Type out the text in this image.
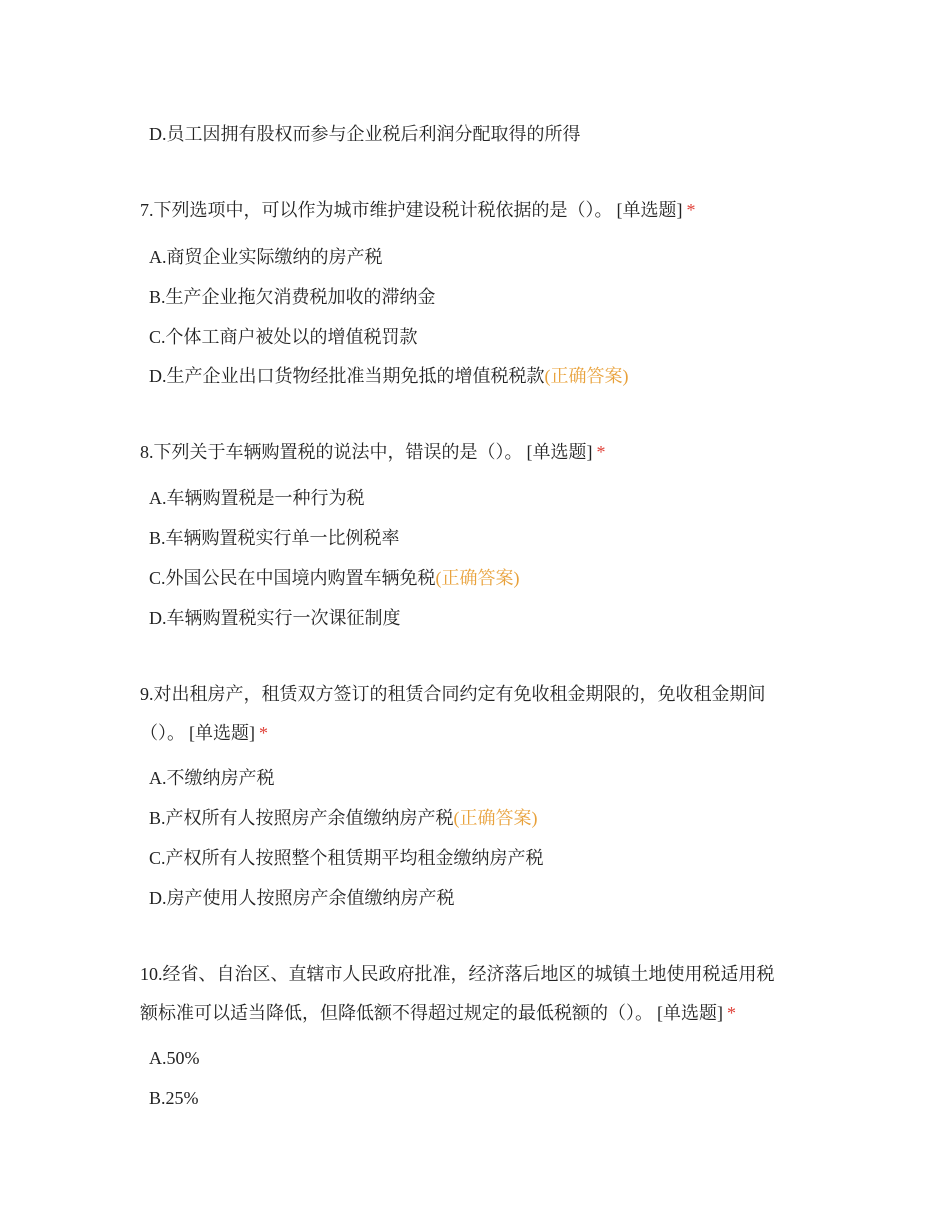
D.员工因拥有股权而参与企业税后利润分配取得的所得
7.下列选项中，可以作为城市维护建设税计税依据的是（）。 [单选题] *
A.商贸企业实际缴纳的房产税
B.生产企业拖欠消费税加收的滞纳金
C.个体工商户被处以的增值税罚款
D.生产企业出口货物经批准当期免抵的增值税税款(正确答案)
8.下列关于车辆购置税的说法中，错误的是（）。 [单选题] *
A.车辆购置税是一种行为税
B.车辆购置税实行单一比例税率
C.外国公民在中国境内购置车辆免税(正确答案)
D.车辆购置税实行一次课征制度
9.对出租房产，租赁双方签订的租赁合同约定有免收租金期限的，免收租金期间
（）。 [单选题] *
A.不缴纳房产税
B.产权所有人按照房产余值缴纳房产税(正确答案)
C.产权所有人按照整个租赁期平均租金缴纳房产税
D.房产使用人按照房产余值缴纳房产税
10.经省、自治区、直辖市人民政府批准，经济落后地区的城镇土地使用税适用税
额标准可以适当降低，但降低额不得超过规定的最低税额的（）。 [单选题] *
A.50%
B.25%
